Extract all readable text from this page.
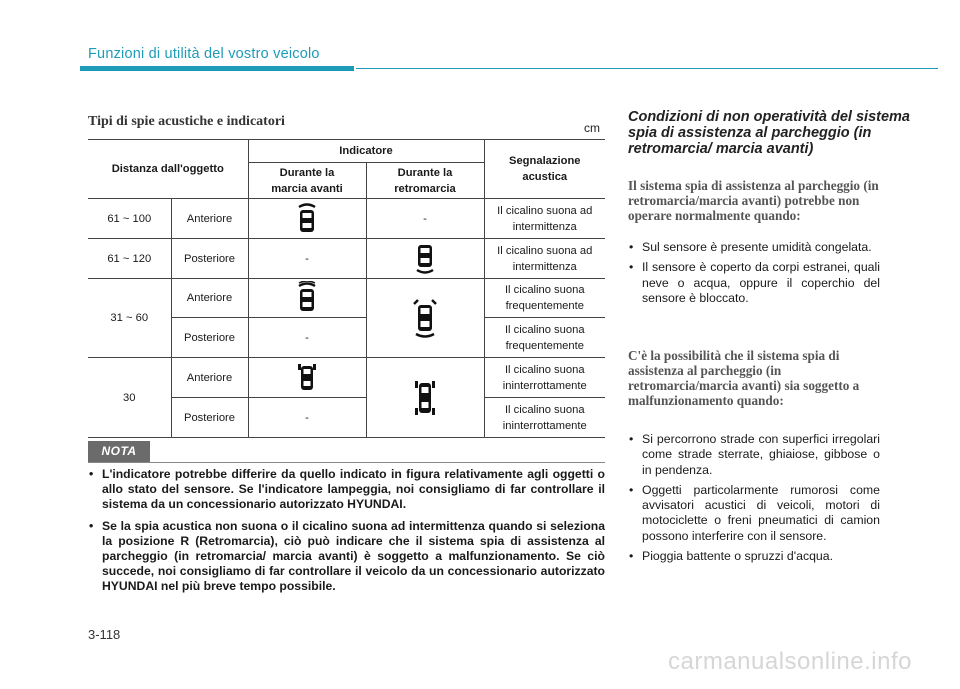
Funzioni di utilità del vostro veicolo
Tipi di spie acustiche e indicatori	cm
Distanza dall'oggetto		Indicatore		Segnalazione acustica
		Durante la marcia avanti	Durante la retromarcia	
61 ~ 100	Anteriore		-	Il cicalino suona ad intermittenza
61 ~ 120	Posteriore	-		Il cicalino suona ad intermittenza
31 ~ 60	Anteriore			Il cicalino suona frequentemente
	Posteriore	-		Il cicalino suona frequentemente
30	Anteriore			Il cicalino suona ininterrottamente
	Posteriore	-		Il cicalino suona ininterrottamente
NOTA
• L'indicatore potrebbe differire da quello indicato in figura relativamente agli oggetti o allo stato del sensore. Se l'indicatore lampeggia, noi consigliamo di far controllare il sistema da un concessionario autorizzato HYUNDAI.
• Se la spia acustica non suona o il cicalino suona ad intermittenza quando si seleziona la posizione R (Retromarcia), ciò può indicare che il sistema spia di assistenza al parcheggio (in retromarcia/ marcia avanti) è soggetto a malfunzionamento. Se ciò succede, noi consigliamo di far controllare il veicolo da un concessionario autorizzato HYUNDAI nel più breve tempo possibile.
3-118
Condizioni di non operatività del sistema spia di assistenza al parcheggio (in retromarcia/ marcia avanti)
Il sistema spia di assistenza al parcheggio (in retromarcia/marcia avanti) potrebbe non operare normalmente quando:
• Sul sensore è presente umidità congelata.
• Il sensore è coperto da corpi estranei, quali neve o acqua, oppure il coperchio del sensore è bloccato.
C'è la possibilità che il sistema spia di assistenza al parcheggio (in retromarcia/marcia avanti) sia soggetto a malfunzionamento quando:
• Si percorrono strade con superfici irregolari come strade sterrate, ghiaiose, gibbose o in pendenza.
• Oggetti particolarmente rumorosi come avvisatori acustici di veicoli, motori di motociclette o freni pneumatici di camion possono interferire con il sensore.
• Pioggia battente o spruzzi d'acqua.
carmanualsonline.info
